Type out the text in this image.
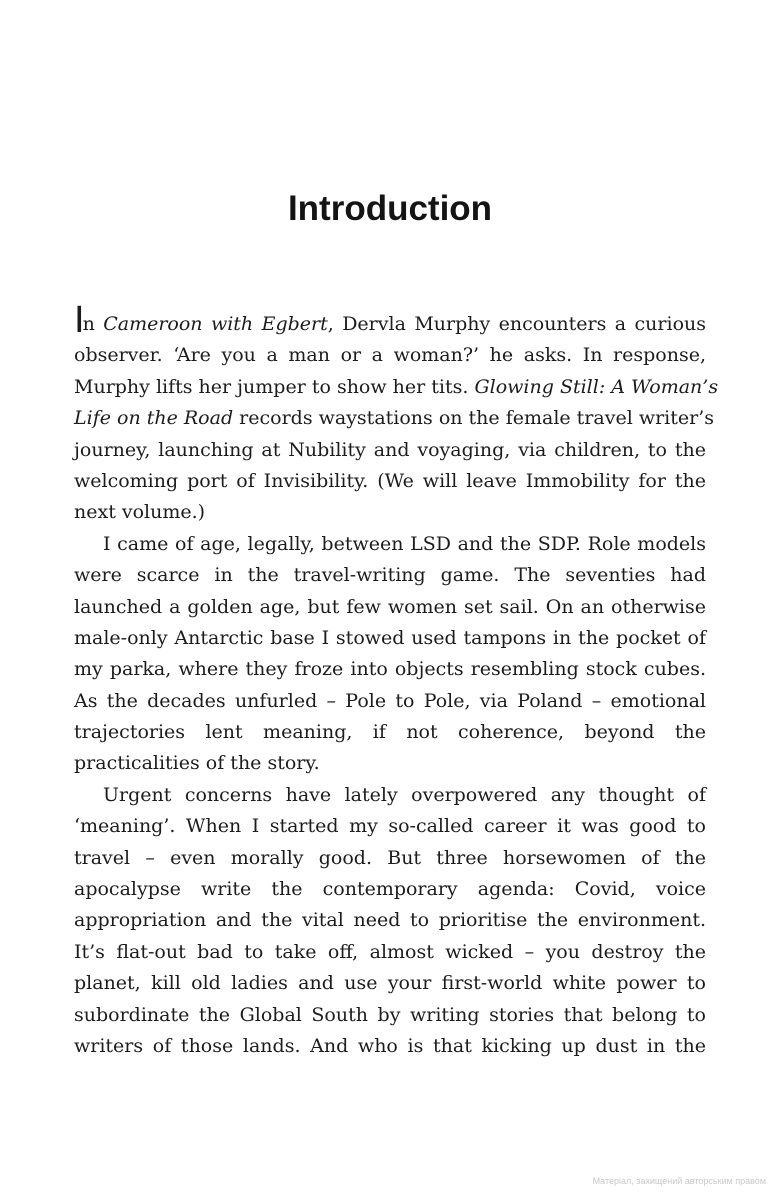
Introduction
In Cameroon with Egbert, Dervla Murphy encounters a curious
observer. ‘Are you a man or a woman?’ he asks. In response,
Murphy lifts her jumper to show her tits. Glowing Still: A Woman’s
Life on the Road records waystations on the female travel writer’s
journey, launching at Nubility and voyaging, via children, to the
welcoming port of Invisibility. (We will leave Immobility for the
next volume.)
I came of age, legally, between LSD and the SDP. Role models
were scarce in the travel-writing game. The seventies had
launched a golden age, but few women set sail. On an otherwise
male-only Antarctic base I stowed used tampons in the pocket of
my parka, where they froze into objects resembling stock cubes.
As the decades unfurled – Pole to Pole, via Poland – emotional
trajectories lent meaning, if not coherence, beyond the
practicalities of the story.
Urgent concerns have lately overpowered any thought of
‘meaning’. When I started my so-called career it was good to
travel – even morally good. But three horsewomen of the
apocalypse write the contemporary agenda: Covid, voice
appropriation and the vital need to prioritise the environment.
It’s flat-out bad to take off, almost wicked – you destroy the
planet, kill old ladies and use your first-world white power to
subordinate the Global South by writing stories that belong to
writers of those lands. And who is that kicking up dust in the

Матеріал, захищений авторським правом
